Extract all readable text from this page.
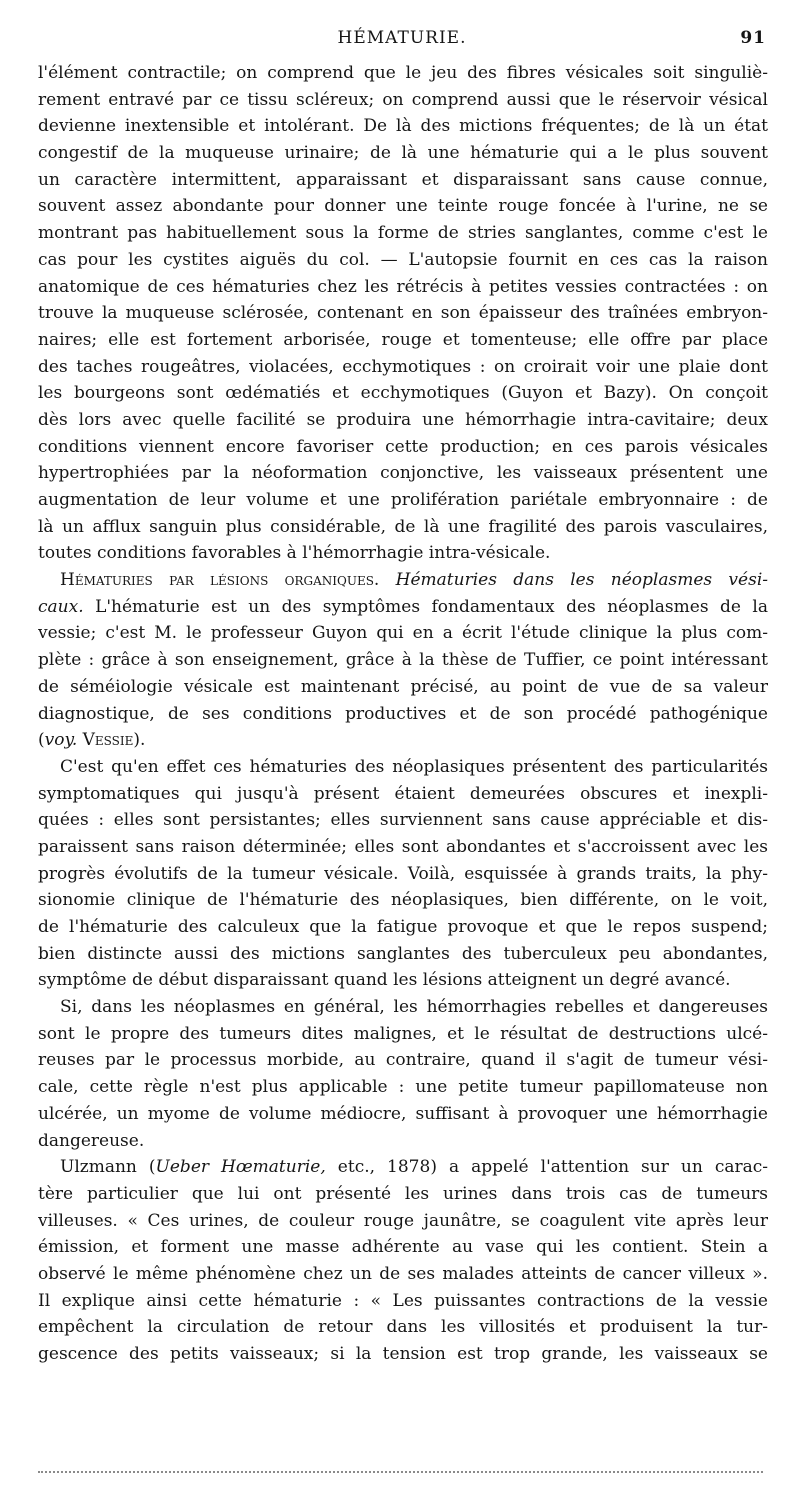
HÉMATURIE.	91
l'élément contractile; on comprend que le jeu des fibres vésicales soit singuliè-
rement entravé par ce tissu scléreux; on comprend aussi que le réservoir vésical
devienne inextensible et intolérant. De là des mictions fréquentes; de là un état
congestif de la muqueuse urinaire; de là une hématurie qui a le plus souvent
un caractère intermittent, apparaissant et disparaissant sans cause connue,
souvent assez abondante pour donner une teinte rouge foncée à l'urine, ne se
montrant pas habituellement sous la forme de stries sanglantes, comme c'est le
cas pour les cystites aiguës du col. — L'autopsie fournit en ces cas la raison
anatomique de ces hématuries chez les rétrécis à petites vessies contractées : on
trouve la muqueuse sclérosée, contenant en son épaisseur des traînées embryon-
naires; elle est fortement arborisée, rouge et tomenteuse; elle offre par place
des taches rougeâtres, violacées, ecchymotiques : on croirait voir une plaie dont
les bourgeons sont œdématiés et ecchymotiques (Guyon et Bazy). On conçoit
dès lors avec quelle facilité se produira une hémorrhagie intra-cavitaire; deux
conditions viennent encore favoriser cette production; en ces parois vésicales
hypertrophiées par la néoformation conjonctive, les vaisseaux présentent une
augmentation de leur volume et une prolifération pariétale embryonnaire : de
là un afflux sanguin plus considérable, de là une fragilité des parois vasculaires,
toutes conditions favorables à l'hémorrhagie intra-vésicale.
Hématuries par lésions organiques. Hématuries dans les néoplasmes vési-
caux. L'hématurie est un des symptômes fondamentaux des néoplasmes de la
vessie; c'est M. le professeur Guyon qui en a écrit l'étude clinique la plus com-
plète : grâce à son enseignement, grâce à la thèse de Tuffier, ce point intéressant
de séméiologie vésicale est maintenant précisé, au point de vue de sa valeur
diagnostique, de ses conditions productives et de son procédé pathogénique
(voy. Vessie).
C'est qu'en effet ces hématuries des néoplasiques présentent des particularités
symptomatiques qui jusqu'à présent étaient demeurées obscures et inexpli-
quées : elles sont persistantes; elles surviennent sans cause appréciable et dis-
paraissent sans raison déterminée; elles sont abondantes et s'accroissent avec les
progrès évolutifs de la tumeur vésicale. Voilà, esquissée à grands traits, la phy-
sionomie clinique de l'hématurie des néoplasiques, bien différente, on le voit,
de l'hématurie des calculeux que la fatigue provoque et que le repos suspend;
bien distincte aussi des mictions sanglantes des tuberculeux peu abondantes,
symptôme de début disparaissant quand les lésions atteignent un degré avancé.
Si, dans les néoplasmes en général, les hémorrhagies rebelles et dangereuses
sont le propre des tumeurs dites malignes, et le résultat de destructions ulcé-
reuses par le processus morbide, au contraire, quand il s'agit de tumeur vési-
cale, cette règle n'est plus applicable : une petite tumeur papillomateuse non
ulcérée, un myome de volume médiocre, suffisant à provoquer une hémorrhagie
dangereuse.
Ulzmann (Ueber Hœmaturie, etc., 1878) a appelé l'attention sur un carac-
tère particulier que lui ont présenté les urines dans trois cas de tumeurs
villeuses. « Ces urines, de couleur rouge jaunâtre, se coagulent vite après leur
émission, et forment une masse adhérente au vase qui les contient. Stein a
observé le même phénomène chez un de ses malades atteints de cancer villeux ».
Il explique ainsi cette hématurie : « Les puissantes contractions de la vessie
empêchent la circulation de retour dans les villosités et produisent la tur-
gescence des petits vaisseaux; si la tension est trop grande, les vaisseaux se
